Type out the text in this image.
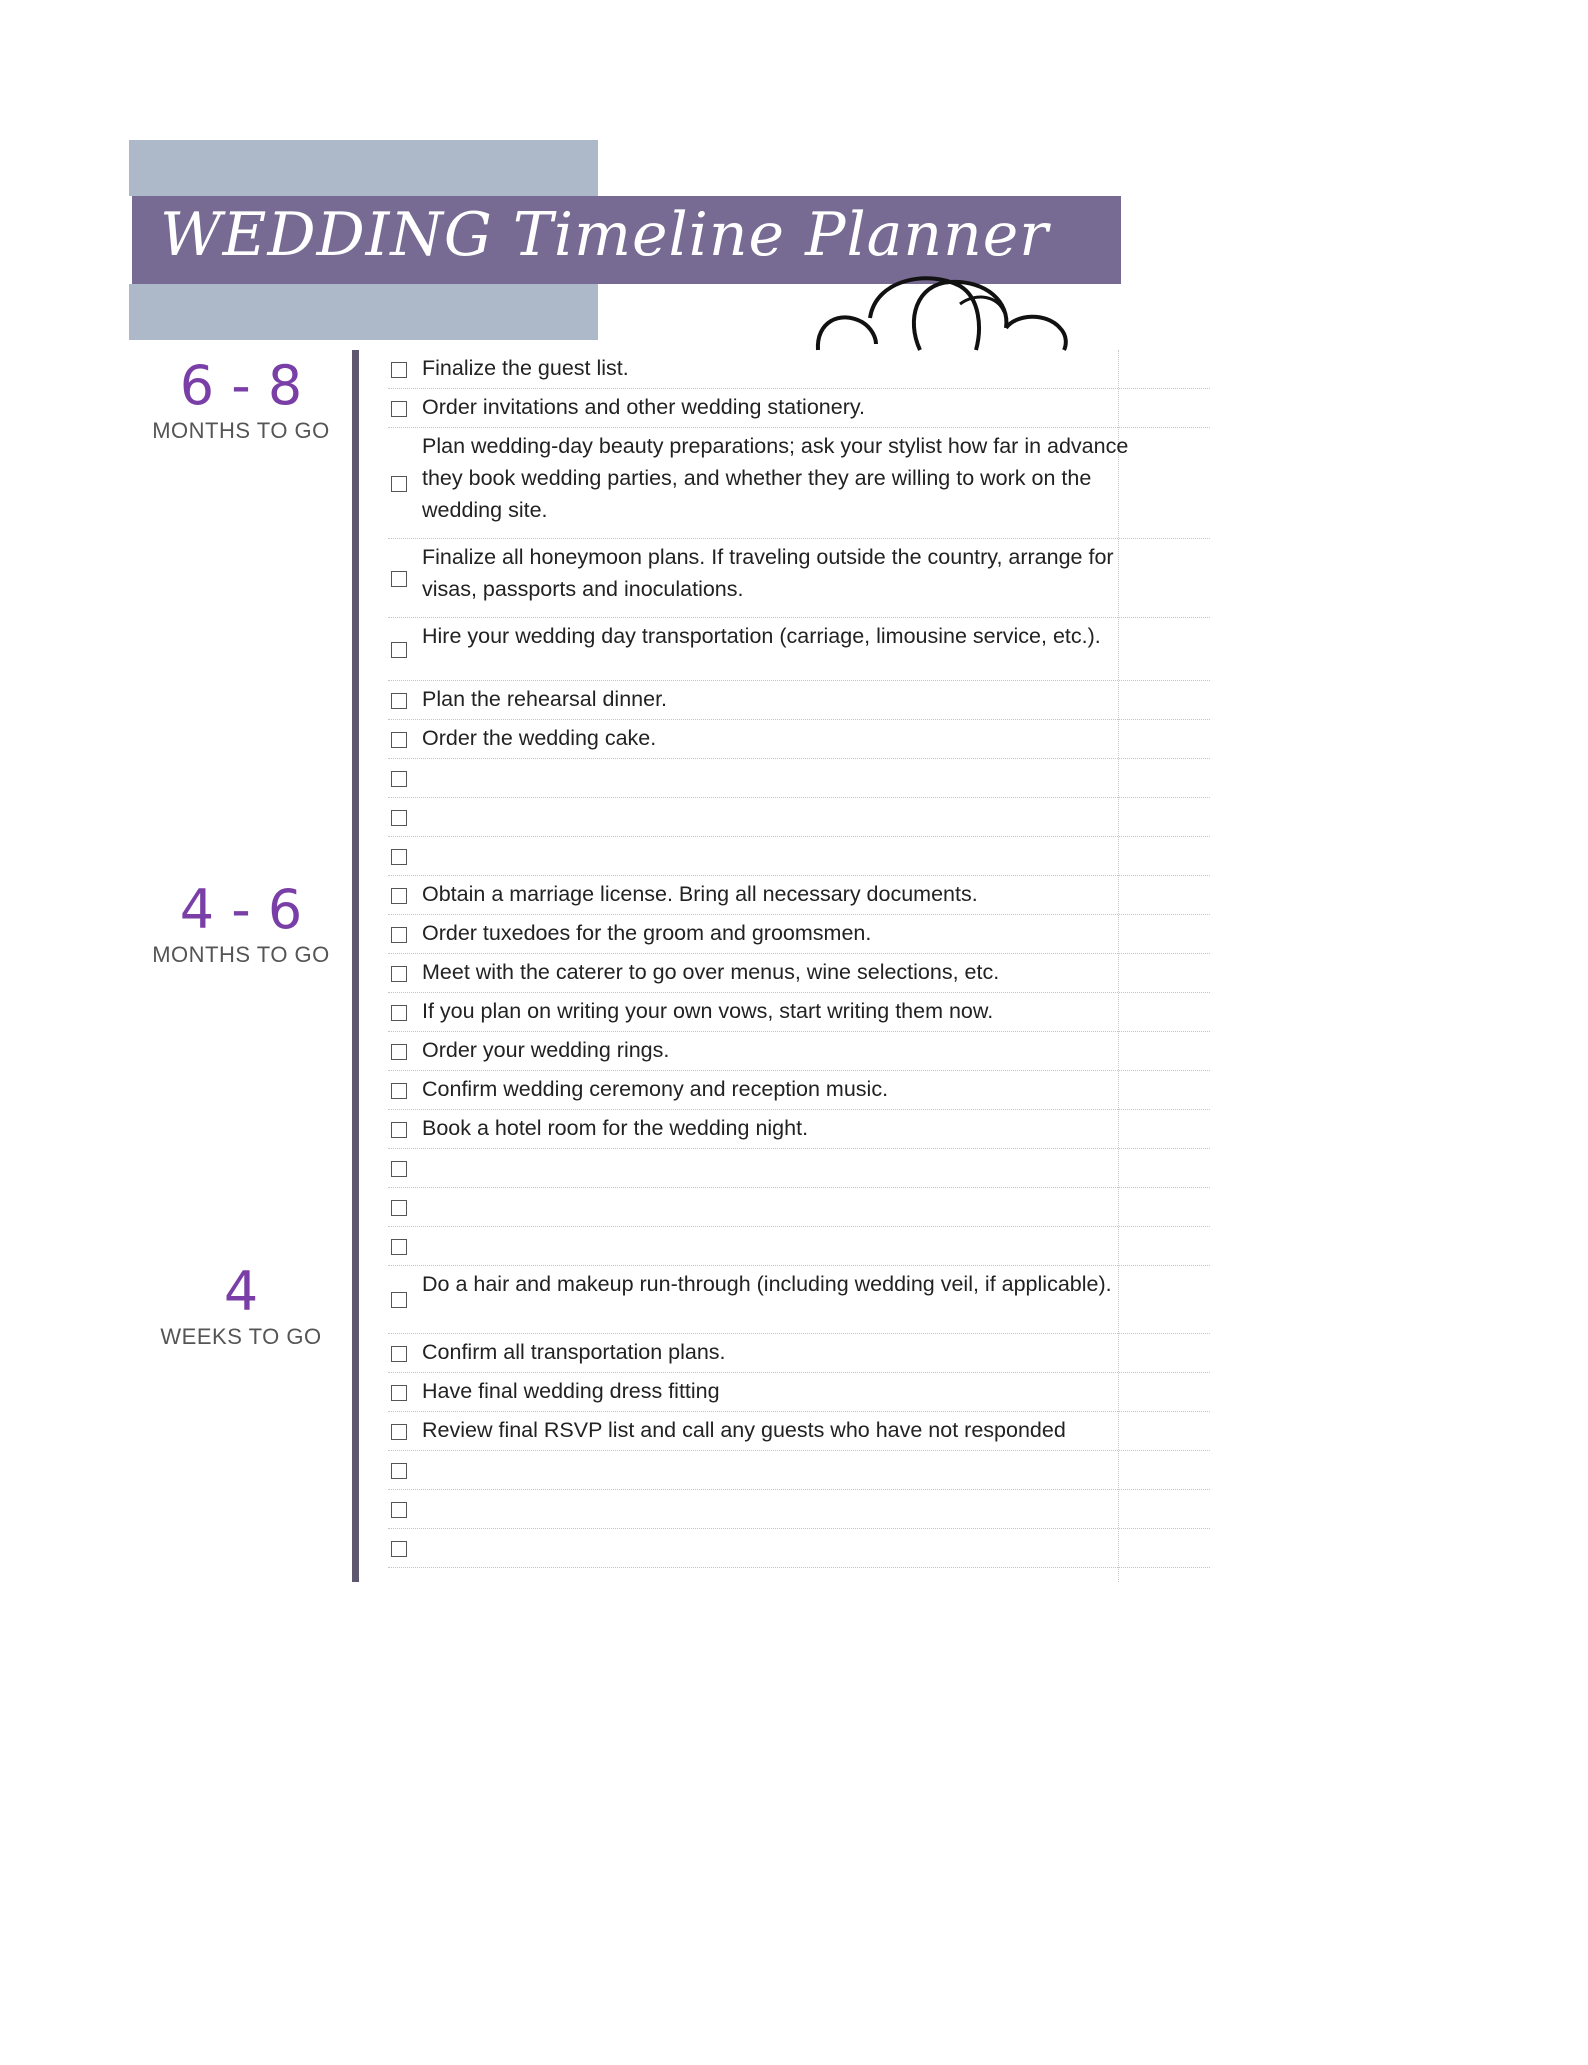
WEDDING Timeline Planner
6 - 8
MONTHS TO GO
4 - 6
MONTHS TO GO
4
WEEKS TO GO
Finalize the guest list.
Order invitations and other wedding stationery.
Plan wedding-day beauty preparations; ask your stylist how far in advance they book wedding parties, and whether they are willing to work on the wedding site.
Finalize all honeymoon plans. If traveling outside the country, arrange for visas, passports and inoculations.
Hire your wedding day transportation (carriage, limousine service, etc.).
Plan the rehearsal dinner.
Order the wedding cake.
Obtain a marriage license. Bring all necessary documents.
Order tuxedoes for the groom and groomsmen.
Meet with the caterer to go over menus, wine selections, etc.
If you plan on writing your own vows, start writing them now.
Order your wedding rings.
Confirm wedding ceremony and reception music.
Book a hotel room for the wedding night.
Do a hair and makeup run-through (including wedding veil, if applicable).
Confirm all transportation plans.
Have final wedding dress fitting
Review final RSVP list and call any guests who have not responded
